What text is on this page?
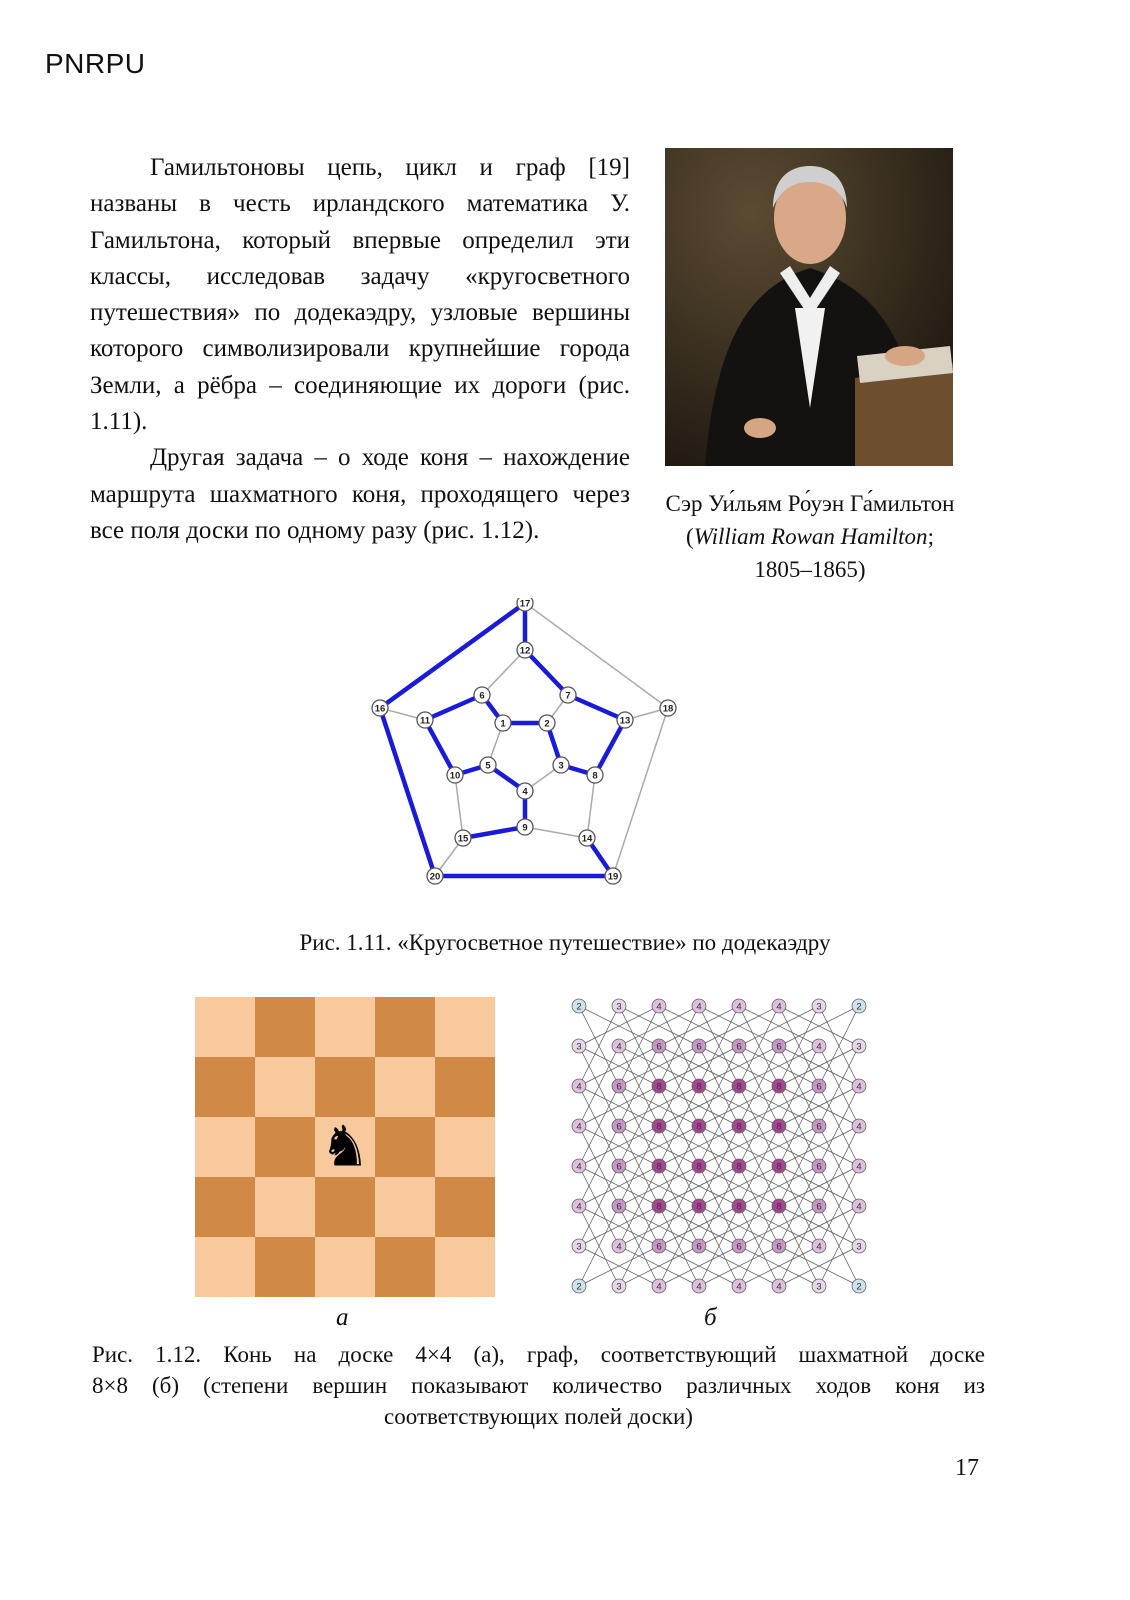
PNRPU

Гамильтоновы цепь, цикл и граф [19] названы в честь ирландского математика У. Гамильтона, который впервые определил эти классы, исследовав задачу «кругосветного путешествия» по додекаэдру, узловые вершины которого символизировали крупнейшие города Земли, а рёбра – соединяющие их дороги (рис. 1.11).

Другая задача – о ходе коня – нахождение маршрута шахматного коня, проходящего через все поля доски по одному разу (рис. 1.12).

Сэр Уи́льям Ро́уэн Га́мильтон (William Rowan Hamilton; 1805–1865)
1	2
3
4
5
6	7
8
9
10
11
12
13
14
15
16
17
18
19
20
Рис. 1.11. «Кругосветное путешествие» по додекаэдру
♞
2	3	4	4	4	4	3	2
3	4	6	6	6	6	4	3
4	6	8	8	8	8	6	4
4	6	8	8	8	8	6	4
4	6	8	8	8	8	6	4
4	6	8	8	8	8	6	4
3	4	6	6	6	6	4	3
2	3	4	4	4	4	3	2
а	б
Рис. 1.12. Конь на доске 4×4 (а), граф, соответствующий шахматной доске
8×8 (б) (степени вершин показывают количество различных ходов коня из
соответствующих полей доски)
17
